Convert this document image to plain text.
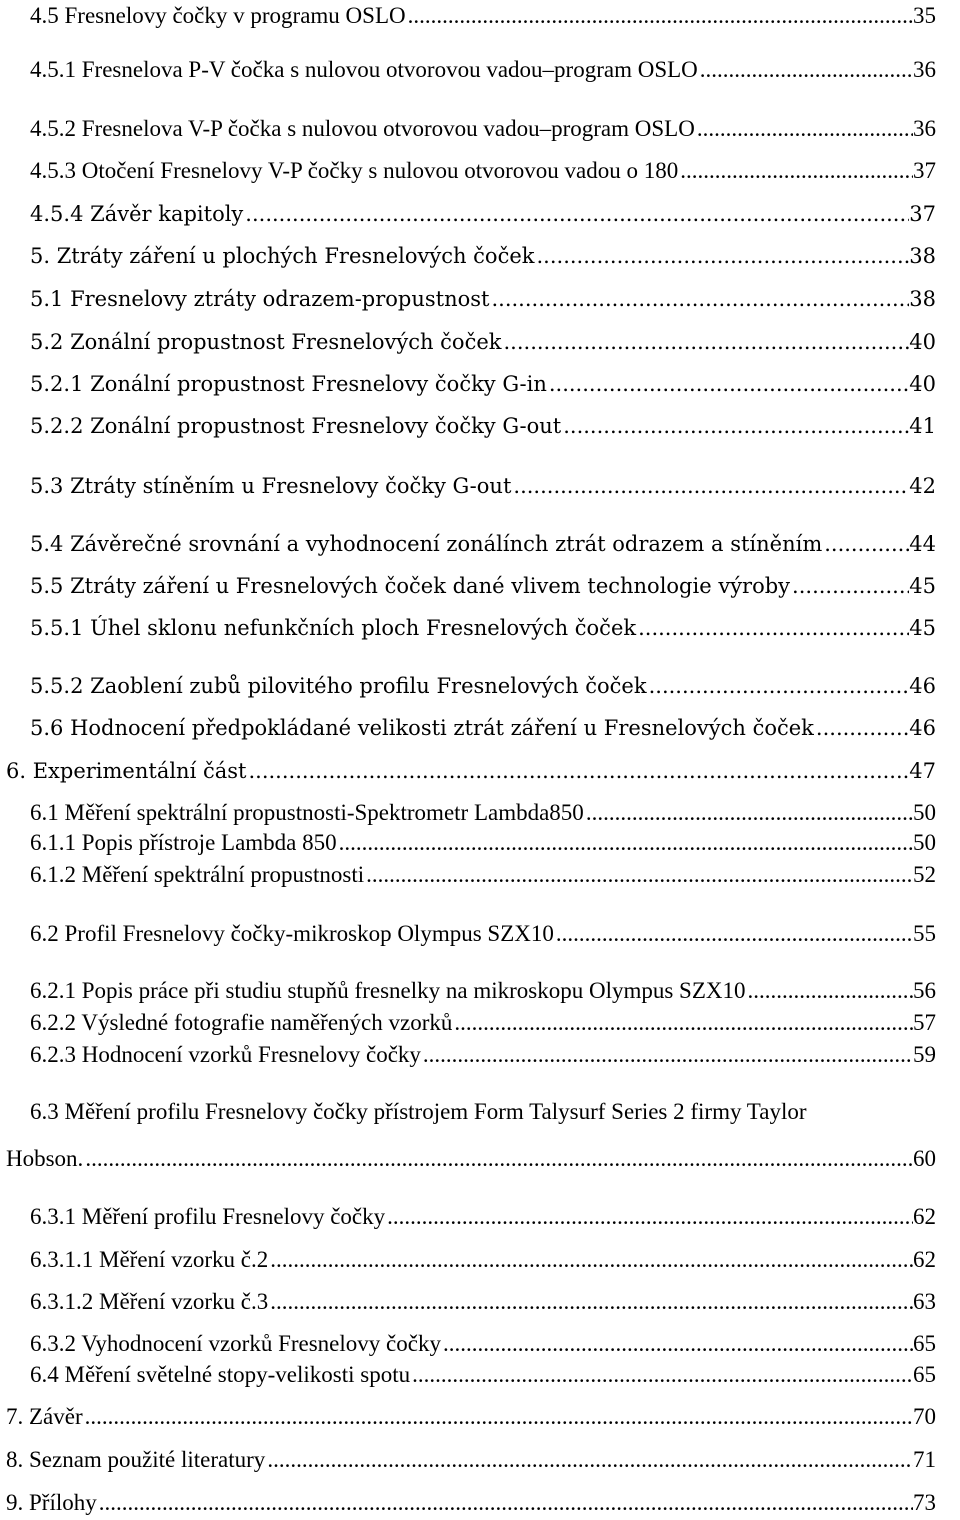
4.5 Fresnelovy čočky v programu OSLO .....	35
4.5.1 Fresnelova P-V čočka s nulovou otvorovou vadou–program OSLO .....	36
4.5.2 Fresnelova V-P čočka s nulovou otvorovou vadou–program OSLO .....	36
4.5.3 Otočení Fresnelovy V-P čočky s nulovou otvorovou vadou o 180 .....	37
4.5.4 Závěr kapitoly .....	37
5. Ztráty záření u plochých Fresnelových čoček .....	38
5.1 Fresnelovy ztráty odrazem-propustnost .....	38
5.2 Zonální propustnost Fresnelových čoček .....	40
5.2.1 Zonální propustnost Fresnelovy čočky G-in .....	40
5.2.2 Zonální propustnost Fresnelovy čočky G-out .....	41
5.3 Ztráty stíněním u Fresnelovy čočky G-out .....	42
5.4 Závěrečné srovnání a vyhodnocení zonálínch ztrát odrazem a stíněním .....	44
5.5 Ztráty záření u Fresnelových čoček dané vlivem technologie výroby .....	45
5.5.1 Úhel sklonu nefunkčních ploch Fresnelových čoček .....	45
5.5.2 Zaoblení zubů pilovitého profilu Fresnelových čoček .....	46
5.6 Hodnocení předpokládané velikosti ztrát záření u Fresnelových čoček .....	46
6. Experimentální část .....	47
6.1 Měření spektrální propustnosti-Spektrometr Lambda850 .....	50
6.1.1 Popis přístroje Lambda 850 .....	50
6.1.2 Měření spektrální propustnosti .....	52
6.2 Profil Fresnelovy čočky-mikroskop Olympus SZX10 .....	55
6.2.1 Popis práce při studiu stupňů fresnelky na mikroskopu Olympus SZX10 .....	56
6.2.2 Výsledné fotografie naměřených vzorků .....	57
6.2.3 Hodnocení vzorků Fresnelovy čočky .....	59
6.3 Měření profilu Fresnelovy čočky přístrojem Form Talysurf Series 2 firmy Taylor
Hobson. .....	60
6.3.1 Měření profilu Fresnelovy čočky .....	62
6.3.1.1 Měření vzorku č.2 .....	62
6.3.1.2 Měření vzorku č.3 .....	63
6.3.2 Vyhodnocení vzorků Fresnelovy čočky .....	65
6.4 Měření světelné stopy-velikosti spotu .....	65
7. Závěr .....	70
8. Seznam použité literatury .....	71
9. Přílohy .....	73
